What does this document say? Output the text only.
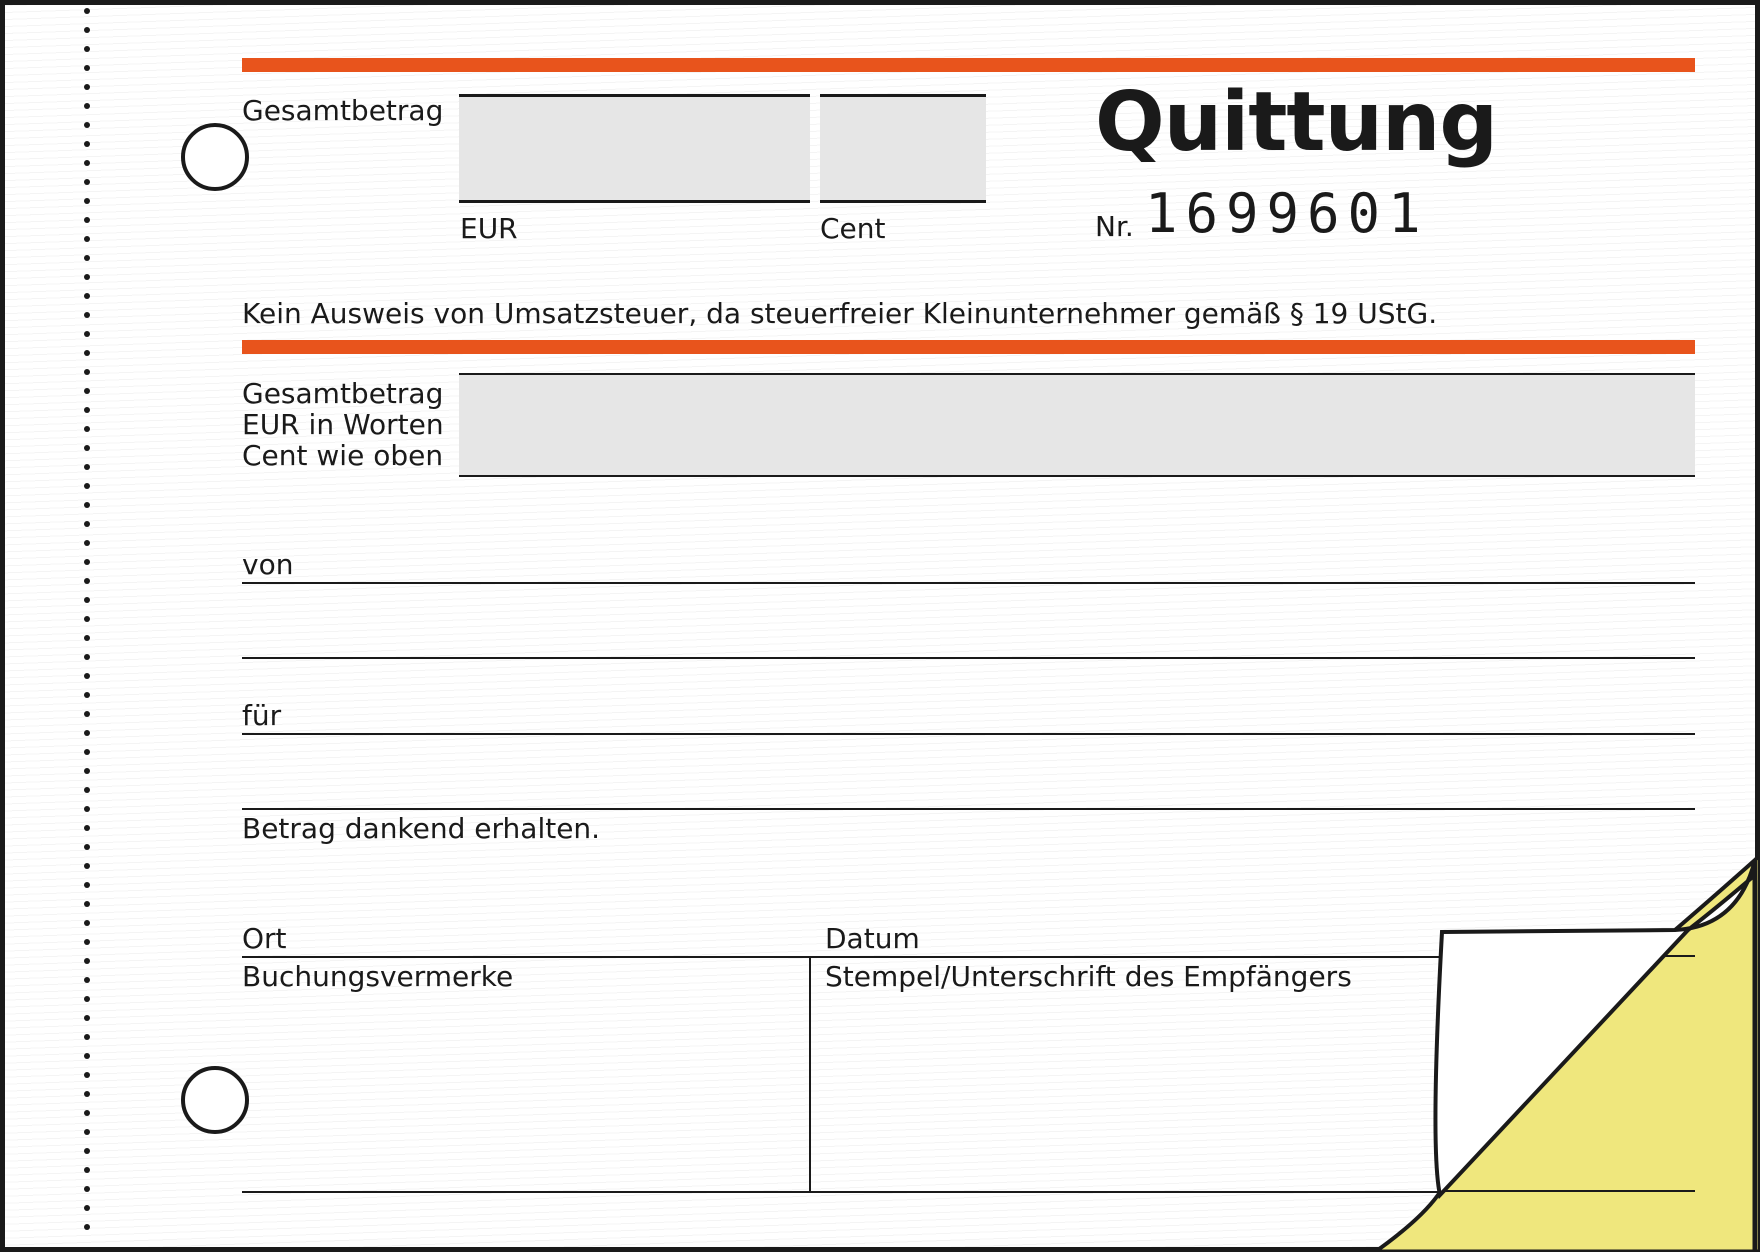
Gesamtbetrag
EUR	Cent
Quittung
Nr. 1699601
Kein Ausweis von Umsatzsteuer, da steuerfreier Kleinunternehmer gemäß § 19 UStG.
Gesamtbetrag
EUR in Worten
Cent wie oben
von
für
Betrag dankend erhalten.
Ort	Datum
Buchungsvermerke	Stempel/Unterschrift des Empfängers
